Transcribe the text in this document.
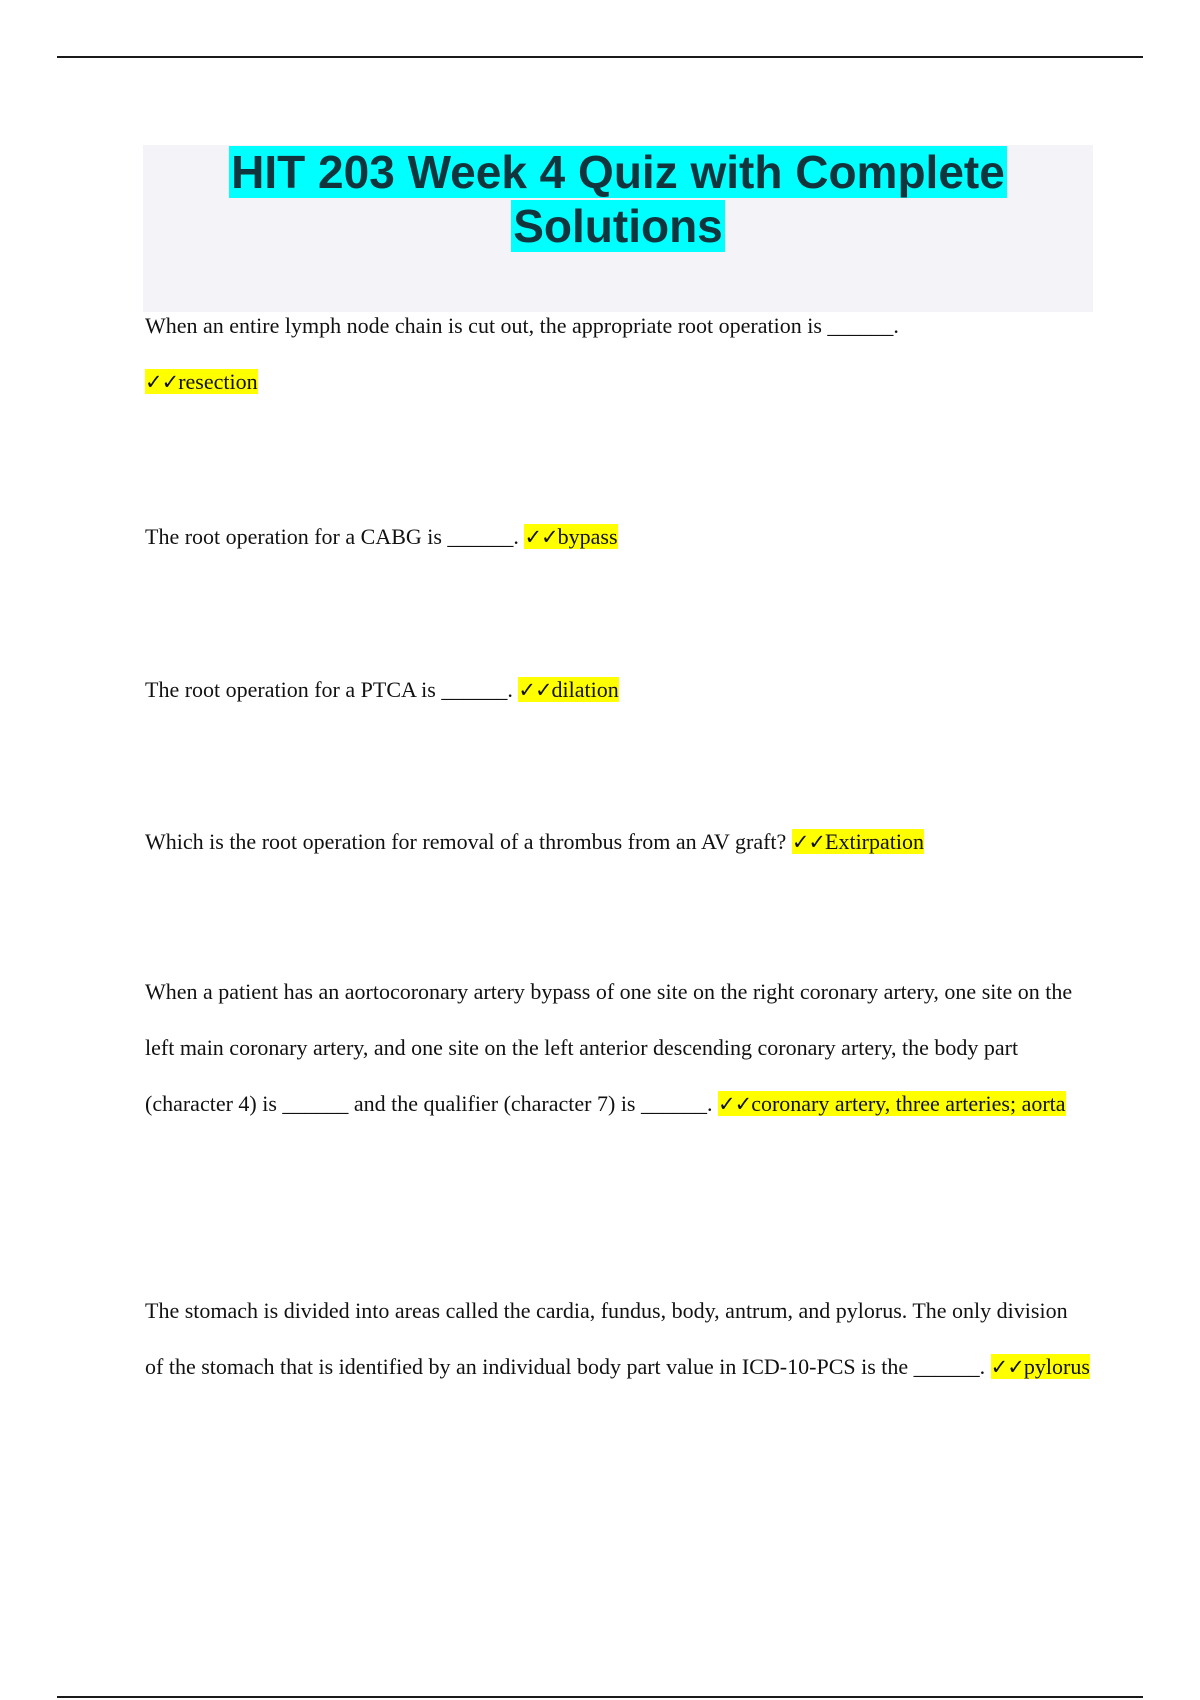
HIT 203 Week 4 Quiz with Complete
Solutions
When an entire lymph node chain is cut out, the appropriate root operation is ______.
✓✓resection
The root operation for a CABG is ______. ✓✓bypass
The root operation for a PTCA is ______. ✓✓dilation
Which is the root operation for removal of a thrombus from an AV graft? ✓✓Extirpation
When a patient has an aortocoronary artery bypass of one site on the right coronary artery, one site on the left main coronary artery, and one site on the left anterior descending coronary artery, the body part (character 4) is ______ and the qualifier (character 7) is ______. ✓✓coronary artery, three arteries; aorta
The stomach is divided into areas called the cardia, fundus, body, antrum, and pylorus. The only division of the stomach that is identified by an individual body part value in ICD-10-PCS is the ______. ✓✓pylorus
